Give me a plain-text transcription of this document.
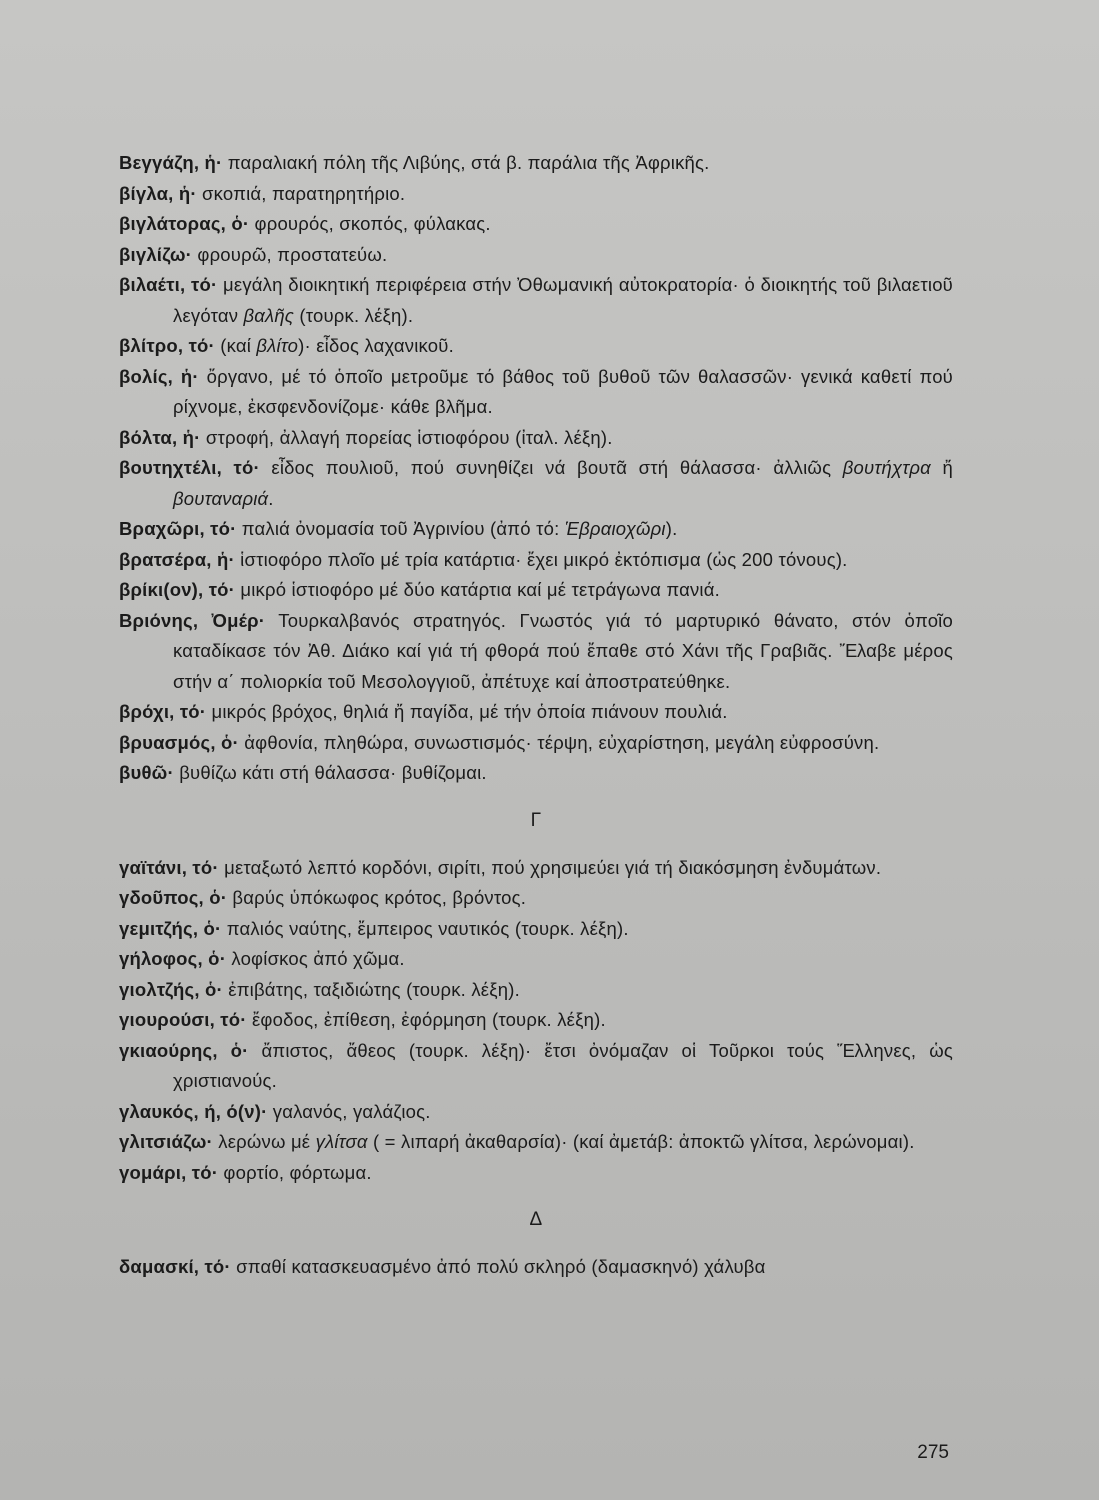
Βεγγάζη, ἡ· παραλιακή πόλη τῆς Λιβύης, στά β. παράλια τῆς Ἀφρικῆς.

βίγλα, ἡ· σκοπιά, παρατηρητήριο.

βιγλάτορας, ὁ· φρουρός, σκοπός, φύλακας.

βιγλίζω· φρουρῶ, προστατεύω.

βιλαέτι, τό· μεγάλη διοικητική περιφέρεια στήν Ὀθωμανική αὐτοκρατορία· ὁ διοικητής τοῦ βιλαετιοῦ λεγόταν βαλῆς (τουρκ. λέξη).

βλίτρο, τό· (καί βλίτο)· εἶδος λαχανικοῦ.

βολίς, ἡ· ὄργανο, μέ τό ὁποῖο μετροῦμε τό βάθος τοῦ βυθοῦ τῶν θαλασσῶν· γενικά καθετί πού ρίχνομε, ἐκσφενδονίζομε· κάθε βλῆμα.

βόλτα, ἡ· στροφή, ἀλλαγή πορείας ἱστιοφόρου (ἰταλ. λέξη).

βουτηχτέλι, τό· εἶδος πουλιοῦ, πού συνηθίζει νά βουτᾶ στή θάλασσα· ἀλλιῶς βουτήχτρα ἤ βουταναριά.

Βραχῶρι, τό· παλιά ὀνομασία τοῦ Ἀγρινίου (ἀπό τό: Ἑβραιοχῶρι).

βρατσέρα, ἡ· ἱστιοφόρο πλοῖο μέ τρία κατάρτια· ἔχει μικρό ἐκτόπισμα (ὡς 200 τόνους).

βρίκι(ον), τό· μικρό ἱστιοφόρο μέ δύο κατάρτια καί μέ τετράγωνα πανιά.

Βριόνης, Ὀμέρ· Τουρκαλβανός στρατηγός. Γνωστός γιά τό μαρτυρικό θάνατο, στόν ὁποῖο καταδίκασε τόν Ἀθ. Διάκο καί γιά τή φθορά πού ἔπαθε στό Χάνι τῆς Γραβιᾶς. Ἔλαβε μέρος στήν α΄ πολιορκία τοῦ Μεσολογγιοῦ, ἀπέτυχε καί ἀποστρατεύθηκε.

βρόχι, τό· μικρός βρόχος, θηλιά ἤ παγίδα, μέ τήν ὁποία πιάνουν πουλιά.

βρυασμός, ὁ· ἀφθονία, πληθώρα, συνωστισμός· τέρψη, εὐχαρίστηση, μεγάλη εὐφροσύνη.

βυθῶ· βυθίζω κάτι στή θάλασσα· βυθίζομαι.

Γ

γαϊτάνι, τό· μεταξωτό λεπτό κορδόνι, σιρίτι, πού χρησιμεύει γιά τή διακόσμηση ἐνδυμάτων.

γδοῦπος, ὁ· βαρύς ὑπόκωφος κρότος, βρόντος.

γεμιτζής, ὁ· παλιός ναύτης, ἔμπειρος ναυτικός (τουρκ. λέξη).

γήλοφος, ὁ· λοφίσκος ἀπό χῶμα.

γιολτζής, ὁ· ἐπιβάτης, ταξιδιώτης (τουρκ. λέξη).

γιουρούσι, τό· ἔφοδος, ἐπίθεση, ἐφόρμηση (τουρκ. λέξη).

γκιαούρης, ὁ· ἄπιστος, ἄθεος (τουρκ. λέξη)· ἔτσι ὀνόμαζαν οἱ Τοῦρκοι τούς Ἕλληνες, ὡς χριστιανούς.

γλαυκός, ή, ό(ν)· γαλανός, γαλάζιος.

γλιτσιάζω· λερώνω μέ γλίτσα ( = λιπαρή ἀκαθαρσία)· (καί ἀμετάβ: ἀποκτῶ γλίτσα, λερώνομαι).

γομάρι, τό· φορτίο, φόρτωμα.

Δ

δαμασκί, τό· σπαθί κατασκευασμένο ἀπό πολύ σκληρό (δαμασκηνό) χάλυβα

275
